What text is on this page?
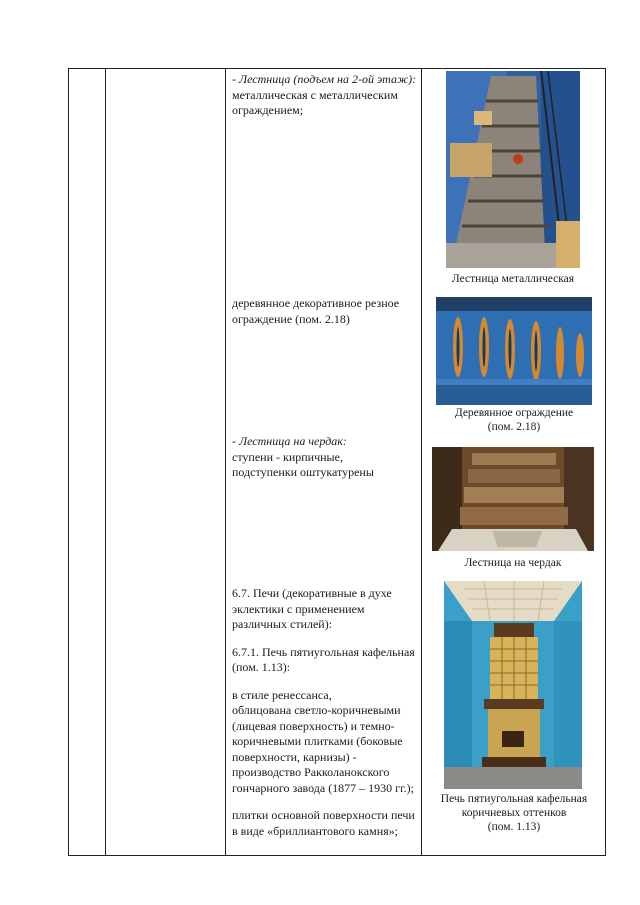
- Лестница (подъем на 2-ой этаж):
металлическая с металлическим
ограждением;
Лестница металлическая
деревянное декоративное резное
ограждение (пом. 2.18)
Деревянное ограждение
(пом. 2.18)
- Лестница на чердак:
ступени - кирпичные,
подступенки оштукатурены
Лестница на чердак
6.7. Печи (декоративные в духе
эклектики с применением
различных стилей):
6.7.1. Печь пятиугольная кафельная
(пом. 1.13):
в стиле ренессанса,
облицована светло-коричневыми
(лицевая поверхность) и темно-
коричневыми плитками (боковые
поверхности, карнизы) -
производство Ракколанокского
гончарного завода (1877 – 1930 гг.);
плитки основной поверхности печи
в виде «бриллиантового камня»;
Печь пятиугольная кафельная
коричневых оттенков
(пом. 1.13)
